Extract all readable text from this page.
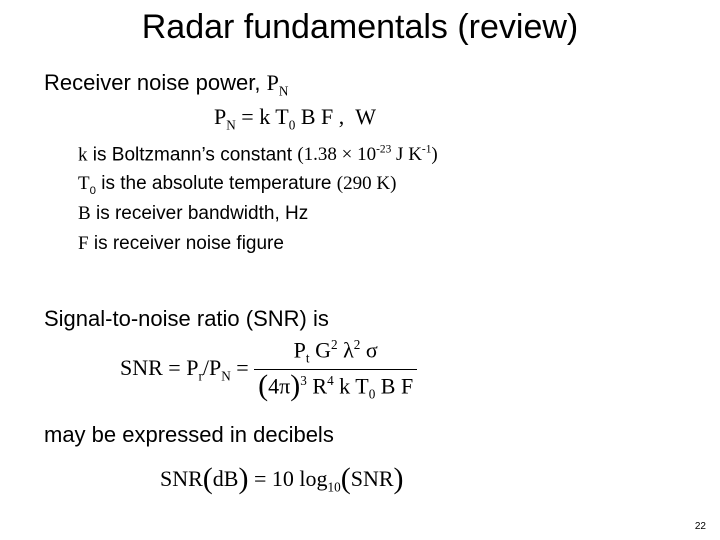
Radar fundamentals (review)
Receiver noise power, $P_N$
$P_N = k$ $T_0$ B F , W
k is Boltzmann’s constant ($1.38 \times 10^{-23}$ J $K^{-1}$)
$T_0$ is the absolute temperature (290 K)
B is receiver bandwidth, Hz
F is receiver noise figure
Signal-to-noise ratio (SNR) is
SNR = $P_r/P_N = \frac{P_t G^2 \lambda^2 \sigma}{(4\pi)^3 R^4 k T_0 B F}$
may be expressed in decibels
SNR(dB) = 10 $\log_{10}(SNR)$
22
